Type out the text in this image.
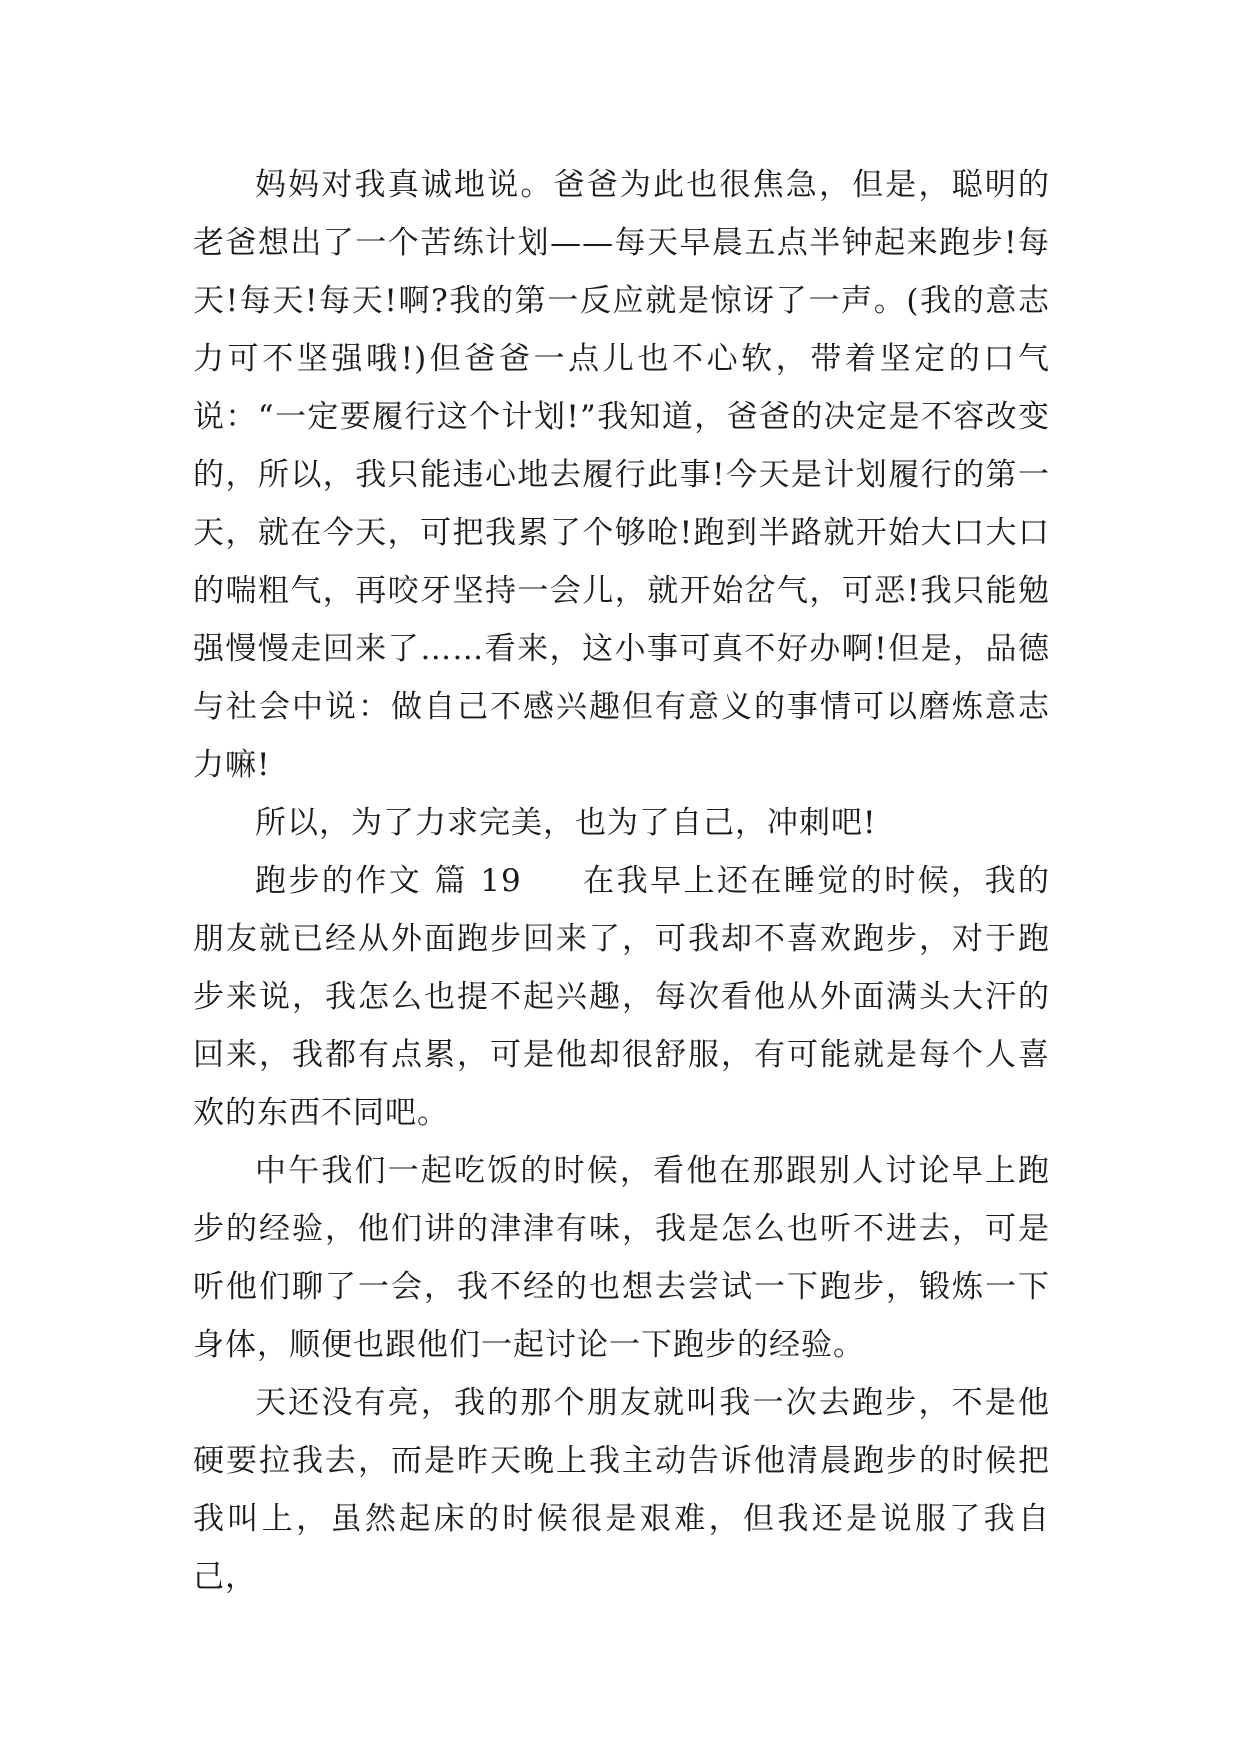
妈妈对我真诚地说。爸爸为此也很焦急，但是，聪明的老爸想出了一个苦练计划——每天早晨五点半钟起来跑步!每天!每天!每天!啊?我的第一反应就是惊讶了一声。(我的意志力可不坚强哦!)但爸爸一点儿也不心软，带着坚定的口气说：“一定要履行这个计划!”我知道，爸爸的决定是不容改变的，所以，我只能违心地去履行此事!今天是计划履行的第一天，就在今天，可把我累了个够呛!跑到半路就开始大口大口的喘粗气，再咬牙坚持一会儿，就开始岔气，可恶!我只能勉强慢慢走回来了……看来，这小事可真不好办啊!但是，品德与社会中说：做自己不感兴趣但有意义的事情可以磨炼意志力嘛!

所以，为了力求完美，也为了自己，冲刺吧!

跑步的作文 篇 19 在我早上还在睡觉的时候，我的朋友就已经从外面跑步回来了，可我却不喜欢跑步，对于跑步来说，我怎么也提不起兴趣，每次看他从外面满头大汗的回来，我都有点累，可是他却很舒服，有可能就是每个人喜欢的东西不同吧。

中午我们一起吃饭的时候，看他在那跟别人讨论早上跑步的经验，他们讲的津津有味，我是怎么也听不进去，可是听他们聊了一会，我不经的也想去尝试一下跑步，锻炼一下身体，顺便也跟他们一起讨论一下跑步的经验。

天还没有亮，我的那个朋友就叫我一次去跑步，不是他硬要拉我去，而是昨天晚上我主动告诉他清晨跑步的时候把我叫上，虽然起床的时候很是艰难，但我还是说服了我自己，
